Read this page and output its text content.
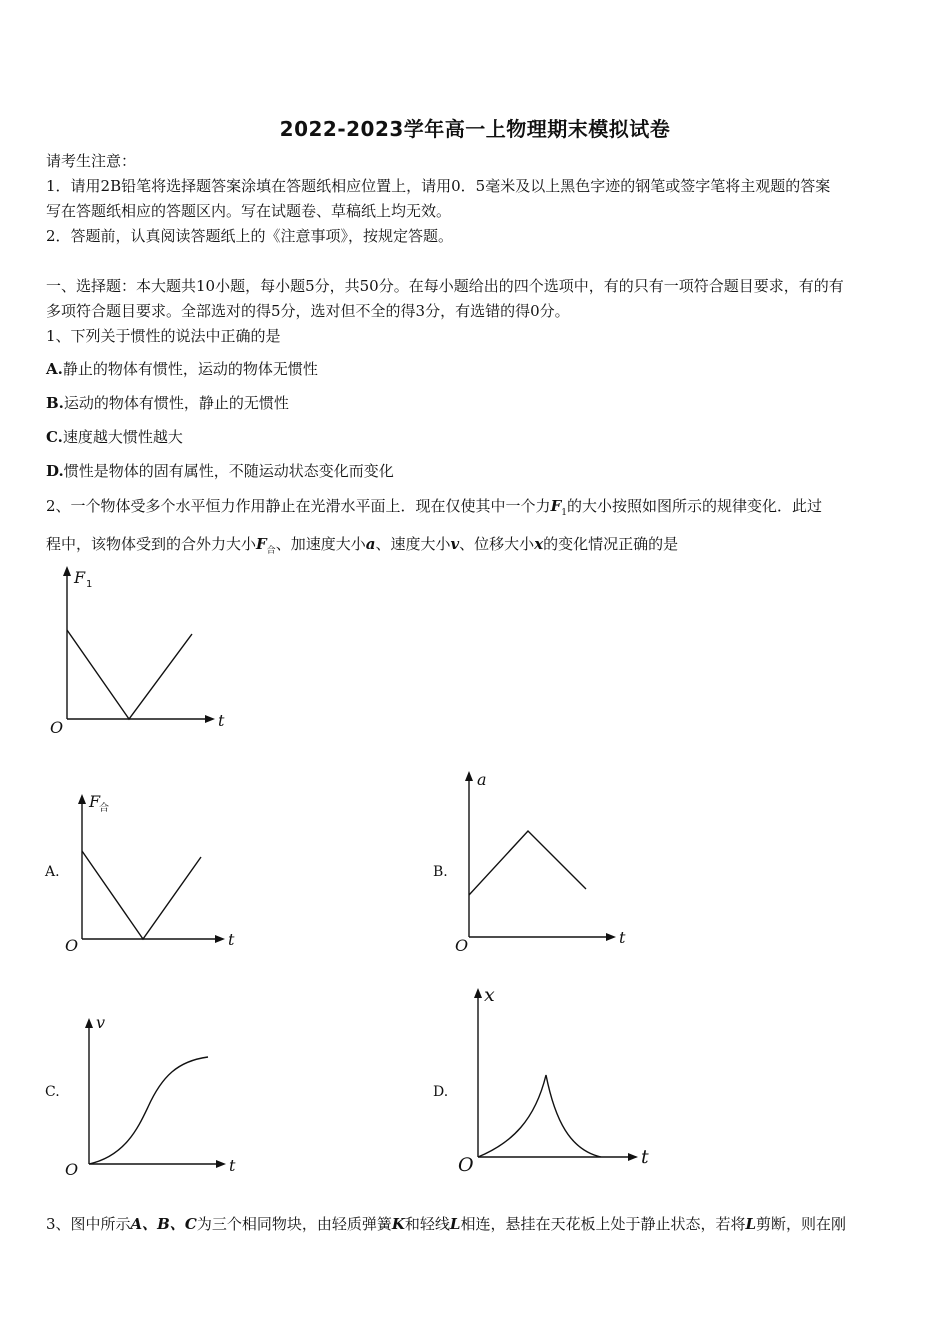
2022-2023学年高一上物理期末模拟试卷
请考生注意：
1．请用2B铅笔将选择题答案涂填在答题纸相应位置上，请用0．5毫米及以上黑色字迹的钢笔或签字笔将主观题的答案
写在答题纸相应的答题区内。写在试题卷、草稿纸上均无效。
2．答题前，认真阅读答题纸上的《注意事项》，按规定答题。
一、选择题：本大题共10小题，每小题5分，共50分。在每小题给出的四个选项中，有的只有一项符合题目要求，有的有
多项符合题目要求。全部选对的得5分，选对但不全的得3分，有选错的得0分。
1、下列关于惯性的说法中正确的是
A.静止的物体有惯性，运动的物体无惯性
B.运动的物体有惯性，静止的无惯性
C.速度越大惯性越大
D.惯性是物体的固有属性，不随运动状态变化而变化
2、一个物体受多个水平恒力作用静止在光滑水平面上．现在仅使其中一个力$F_1$的大小按照如图所示的规律变化．此过
程中，该物体受到的合外力大小$F_合$、加速度大小a、速度大小v、位移大小x的变化情况正确的是
F 1
t
O
F
合
t
O
a
t
O
v
t
O
x
t
O
A.	B.
C.	D.
3、图中所示A、B、C为三个相同物块，由轻质弹簧K和轻线L相连，悬挂在天花板上处于静止状态，若将L剪断，则在刚
